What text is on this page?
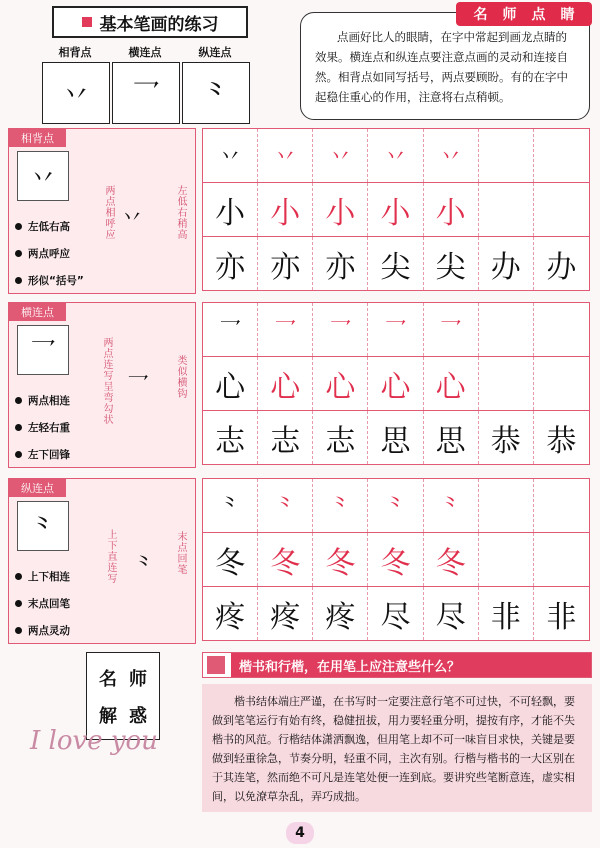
基本笔画的练习
相背点	横连点	纵连点
丷	乛	⺀
点画好比人的眼睛，在字中常起到画龙点睛的效果。横连点和纵连点要注意点画的灵动和连接自然。相背点如同写括号，两点要顾盼。有的在字中起稳住重心的作用，注意将右点稍顿。
名 师 点 睛
相背点
丷
左低右高
两点呼应
形似“括号”
两点相呼应 丷	左低右稍高
丷	丷	丷	丷	丷
小 小 小 小 小
亦 亦 亦 尖 尖 办 办
横连点
乛
两点相连
左轻右重
左下回锋
两点连写呈弯勾状 乛	类似横钩
乛	乛	乛	乛	乛
心 心 心 心 心
志 志 志 思 思 恭 恭
纵连点
⺀
上下相连
末点回笔
两点灵动
上下直连写 ⺀ 末点回笔
⺀	⺀	⺀	⺀	⺀
冬 冬 冬 冬 冬
疼 疼 疼 尽 尽 非 非
名 师
解 惑
I love you
楷书和行楷，在用笔上应注意些什么？
楷书结体端庄严谨，在书写时一定要注意行笔不可过快，不可轻飘，要做到笔笔运行有始有终，稳健扭拔，用力要轻重分明，提按有序，才能不失楷书的风范。行楷结体潇洒飘逸，但用笔上却不可一味盲目求快，关键是要做到轻重徐急，节奏分明，轻重不同，主次有别。行楷与楷书的一大区别在于其连笔，然而绝不可凡是连笔处便一连到底。要讲究些笔断意连，虚实相间，以免潦草杂乱，弄巧成拙。
4
